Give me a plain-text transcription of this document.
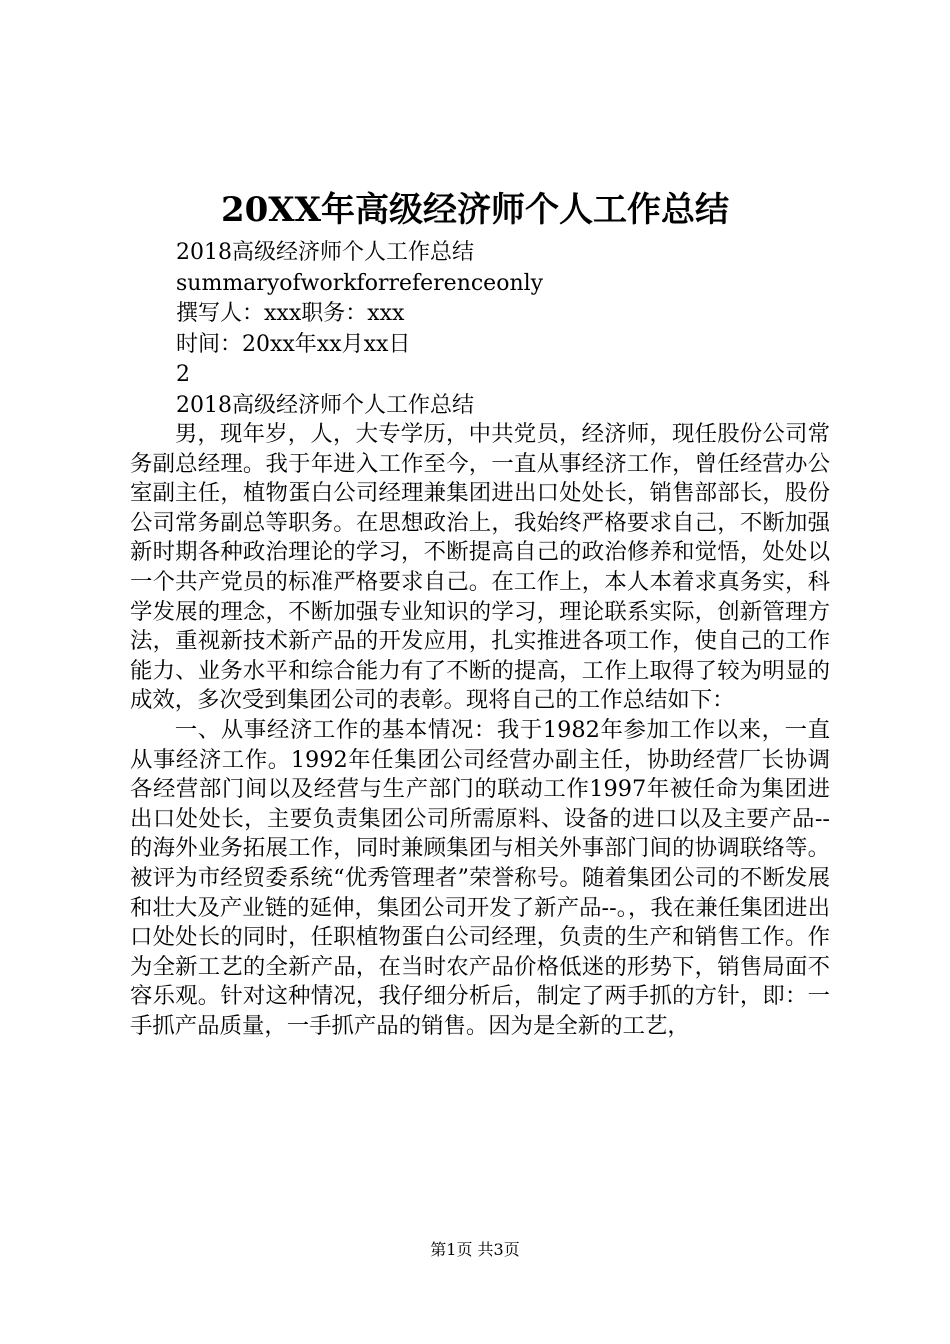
20XX年高级经济师个人工作总结
2018高级经济师个人工作总结
summaryofworkforreferenceonly
撰写人：xxx职务：xxx
时间：20xx年xx月xx日
2
2018高级经济师个人工作总结

男，现年岁，人，大专学历，中共党员，经济师，现任股份公司常务副总经理。我于年进入工作至今，一直从事经济工作，曾任经营办公室副主任，植物蛋白公司经理兼集团进出口处处长，销售部部长，股份公司常务副总等职务。在思想政治上，我始终严格要求自己，不断加强新时期各种政治理论的学习，不断提高自己的政治修养和觉悟，处处以一个共产党员的标准严格要求自己。在工作上，本人本着求真务实，科学发展的理念，不断加强专业知识的学习，理论联系实际，创新管理方法，重视新技术新产品的开发应用，扎实推进各项工作，使自己的工作能力、业务水平和综合能力有了不断的提高，工作上取得了较为明显的成效，多次受到集团公司的表彰。现将自己的工作总结如下：

一、从事经济工作的基本情况：我于1982年参加工作以来，一直从事经济工作。1992年任集团公司经营办副主任，协助经营厂长协调各经营部门间以及经营与生产部门的联动工作1997年被任命为集团进出口处处长，主要负责集团公司所需原料、设备的进口以及主要产品--的海外业务拓展工作，同时兼顾集团与相关外事部门间的协调联络等。被评为市经贸委系统“优秀管理者”荣誉称号。随着集团公司的不断发展和壮大及产业链的延伸，集团公司开发了新产品--。，我在兼任集团进出口处处长的同时，任职植物蛋白公司经理，负责的生产和销售工作。作为全新工艺的全新产品，在当时农产品价格低迷的形势下，销售局面不容乐观。针对这种情况，我仔细分析后，制定了两手抓的方针，即：一手抓产品质量，一手抓产品的销售。因为是全新的工艺，

第1页 共3页
